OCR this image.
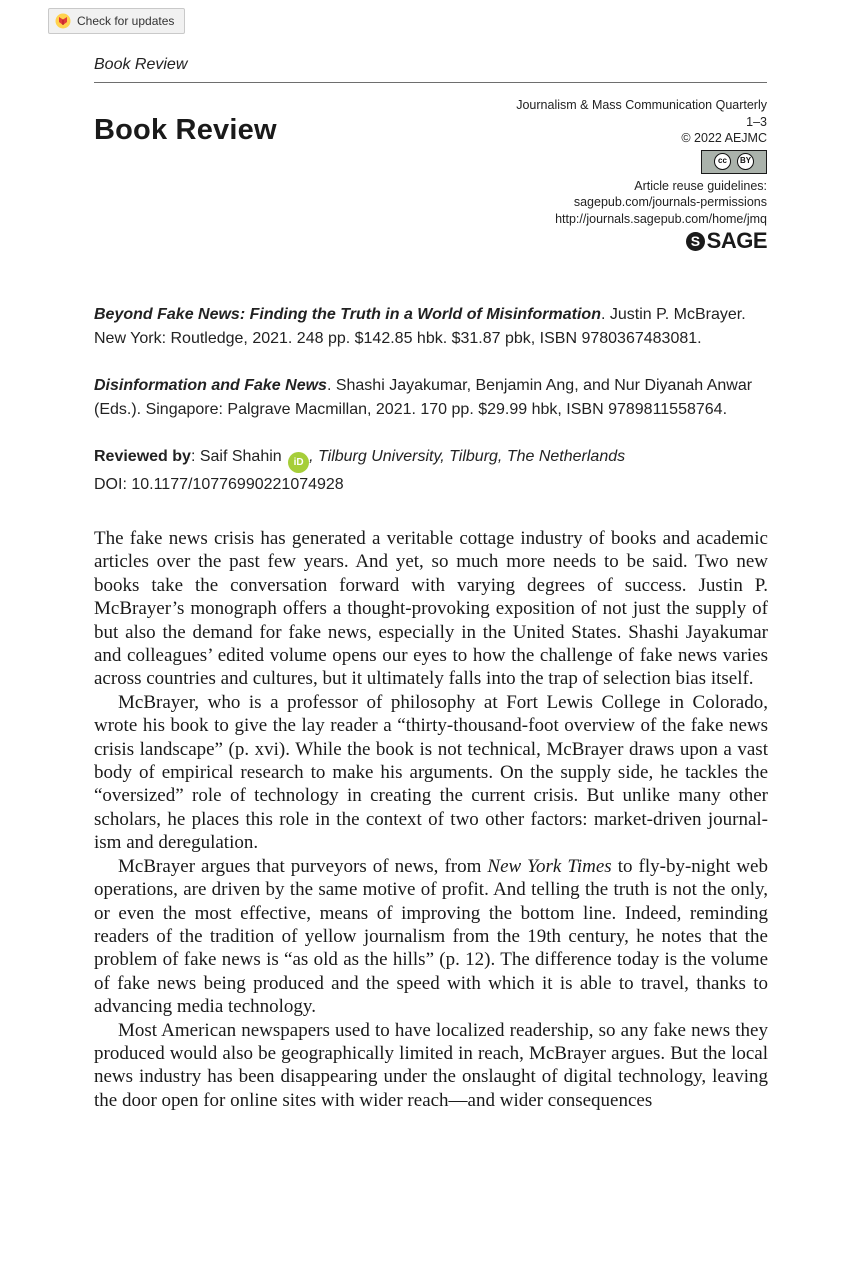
Check for updates
Book Review
Book Review
Journalism & Mass Communication Quarterly
1–3
© 2022 AEJMC
cc	BY
Article reuse guidelines:
sagepub.com/journals-permissions
http://journals.sagepub.com/home/jmq
S SAGE

Beyond Fake News: Finding the Truth in a World of Misinformation. Justin P. McBrayer. New York: Routledge, 2021. 248 pp. $142.85 hbk. $31.87 pbk, ISBN 9780367483081.

Disinformation and Fake News. Shashi Jayakumar, Benjamin Ang, and Nur Diyanah Anwar (Eds.). Singapore: Palgrave Macmillan, 2021. 170 pp. $29.99 hbk, ISBN 9789811558764.

Reviewed by: Saif Shahin iD , Tilburg University, Tilburg, The Netherlands
DOI: 10.1177/10776990221074928

The fake news crisis has generated a veritable cottage industry of books and academic articles over the past few years. And yet, so much more needs to be said. Two new books take the conversation forward with varying degrees of success. Justin P. McBrayer’s monograph offers a thought-provoking exposition of not just the supply of but also the demand for fake news, especially in the United States. Shashi Jayakumar and colleagues’ edited volume opens our eyes to how the challenge of fake news varies across countries and cultures, but it ultimately falls into the trap of selection bias itself.

McBrayer, who is a professor of philosophy at Fort Lewis College in Colorado, wrote his book to give the lay reader a “thirty-thousand-foot overview of the fake news crisis landscape” (p. xvi). While the book is not technical, McBrayer draws upon a vast body of empirical research to make his arguments. On the supply side, he tackles the “oversized” role of technology in creating the current crisis. But unlike many other scholars, he places this role in the context of two other factors: market-driven journalism and deregulation.

McBrayer argues that purveyors of news, from New York Times to fly-by-night web operations, are driven by the same motive of profit. And telling the truth is not the only, or even the most effective, means of improving the bottom line. Indeed, reminding readers of the tradition of yellow journalism from the 19th century, he notes that the problem of fake news is “as old as the hills” (p. 12). The difference today is the volume of fake news being produced and the speed with which it is able to travel, thanks to advancing media technology.

Most American newspapers used to have localized readership, so any fake news they produced would also be geographically limited in reach, McBrayer argues. But the local news industry has been disappearing under the onslaught of digital technology, leaving the door open for online sites with wider reach—and wider consequences
